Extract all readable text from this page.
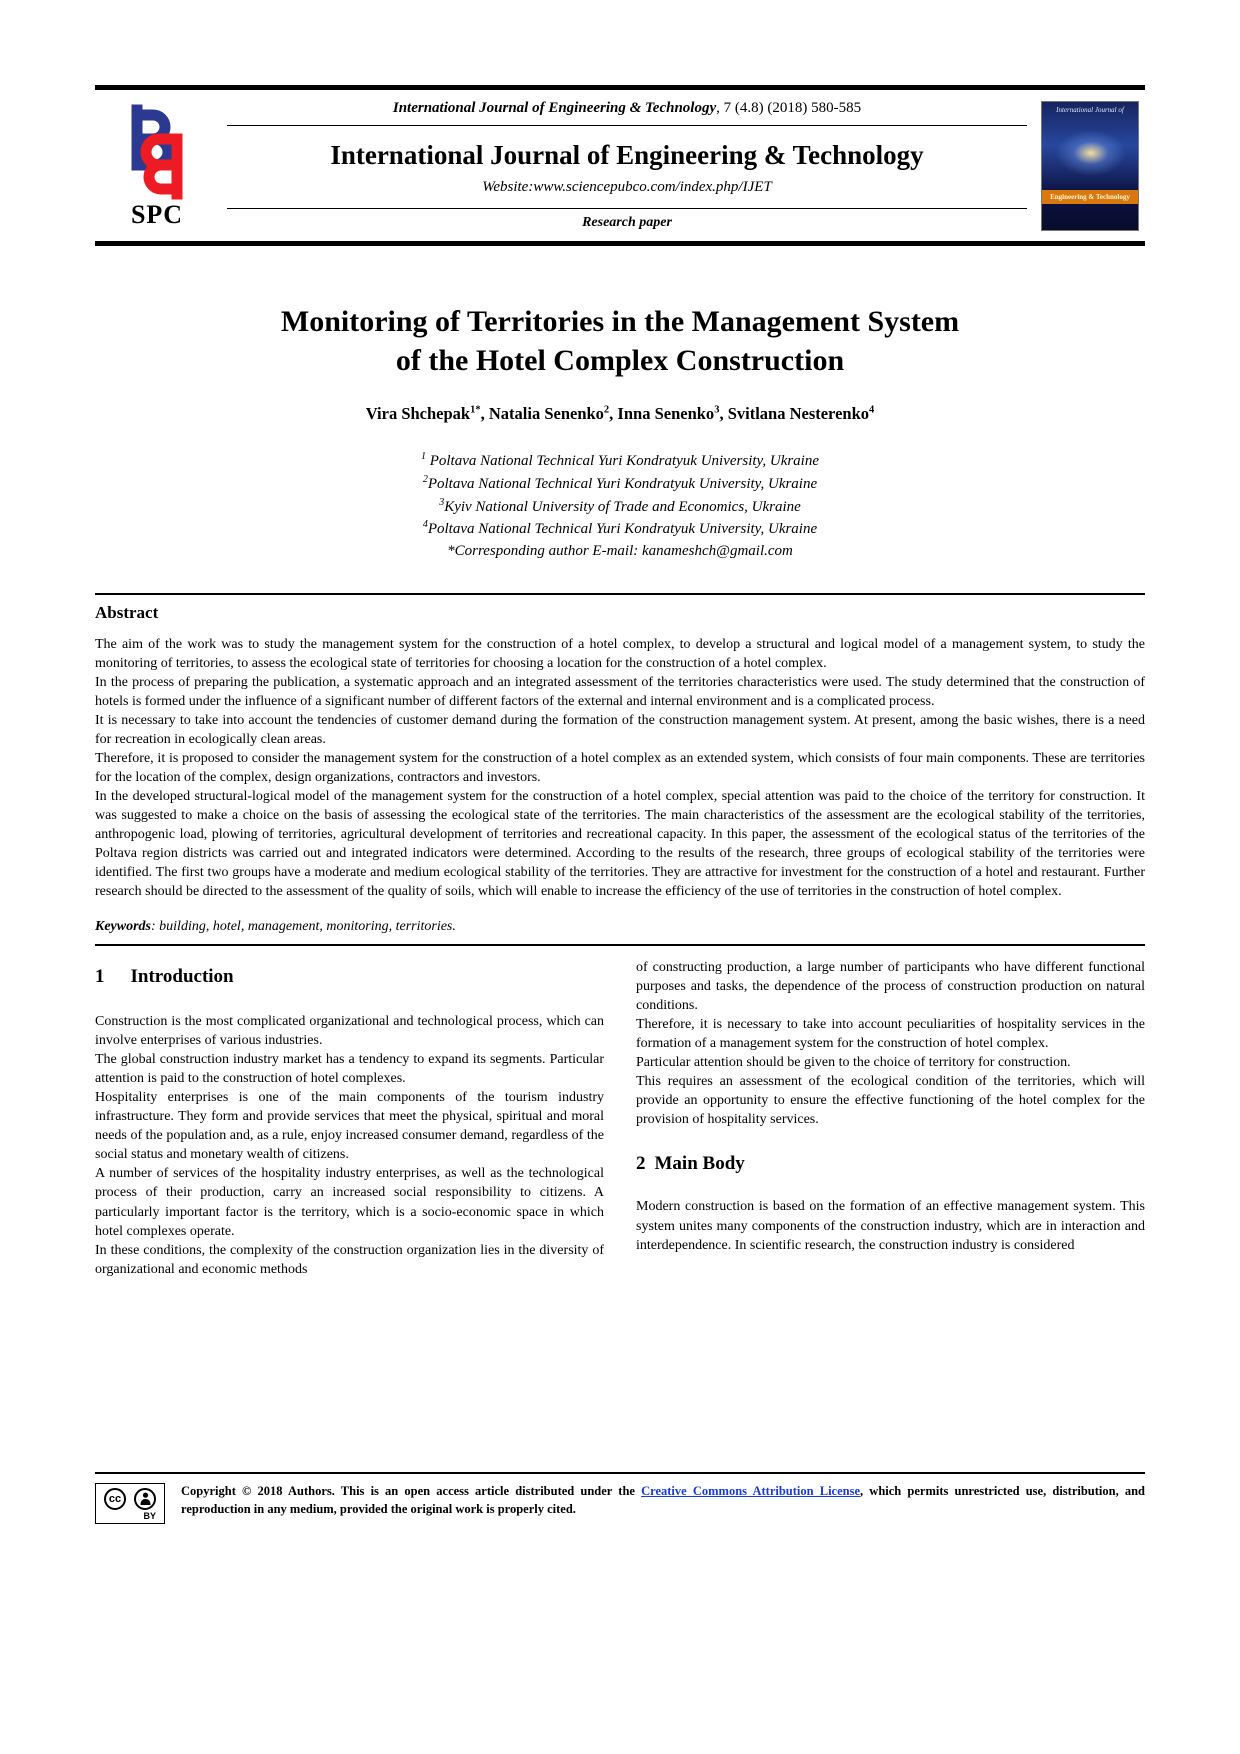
SPC
International Journal of Engineering & Technology, 7 (4.8) (2018) 580-585
International Journal of Engineering & Technology
Website:www.sciencepubco.com/index.php/IJET
Research paper
International Journal of
Engineering & Technology
Monitoring of Territories in the Management System
of the Hotel Complex Construction
Vira Shchepak$^{1*}$, Natalia Senenko$^2$, Inna Senenko$^3$, Svitlana Nesterenko$^4$
$^1$ Poltava National Technical Yuri Kondratyuk University, Ukraine
$^2$Poltava National Technical Yuri Kondratyuk University, Ukraine
$^3$Kyiv National University of Trade and Economics, Ukraine
$^4$Poltava National Technical Yuri Kondratyuk University, Ukraine
*Corresponding author E-mail: kanameshch@gmail.com
Abstract

The aim of the work was to study the management system for the construction of a hotel complex, to develop a structural and logical model of a management system, to study the monitoring of territories, to assess the ecological state of territories for choosing a location for the construction of a hotel complex.

In the process of preparing the publication, a systematic approach and an integrated assessment of the territories characteristics were used. The study determined that the construction of hotels is formed under the influence of a significant number of different factors of the external and internal environment and is a complicated process.

It is necessary to take into account the tendencies of customer demand during the formation of the construction management system. At present, among the basic wishes, there is a need for recreation in ecologically clean areas.

Therefore, it is proposed to consider the management system for the construction of a hotel complex as an extended system, which consists of four main components. These are territories for the location of the complex, design organizations, contractors and investors.

In the developed structural-logical model of the management system for the construction of a hotel complex, special attention was paid to the choice of the territory for construction. It was suggested to make a choice on the basis of assessing the ecological state of the territories. The main characteristics of the assessment are the ecological stability of the territories, anthropogenic load, plowing of territories, agricultural development of territories and recreational capacity. In this paper, the assessment of the ecological status of the territories of the Poltava region districts was carried out and integrated indicators were determined. According to the results of the research, three groups of ecological stability of the territories were identified. The first two groups have a moderate and medium ecological stability of the territories. They are attractive for investment for the construction of a hotel and restaurant. Further research should be directed to the assessment of the quality of soils, which will enable to increase the efficiency of the use of territories in the construction of hotel complex.

Keywords: building, hotel, management, monitoring, territories.
1 Introduction

Construction is the most complicated organizational and technological process, which can involve enterprises of various industries.

The global construction industry market has a tendency to expand its segments. Particular attention is paid to the construction of hotel complexes.

Hospitality enterprises is one of the main components of the tourism industry infrastructure. They form and provide services that meet the physical, spiritual and moral needs of the population and, as a rule, enjoy increased consumer demand, regardless of the social status and monetary wealth of citizens.

A number of services of the hospitality industry enterprises, as well as the technological process of their production, carry an increased social responsibility to citizens. A particularly important factor is the territory, which is a socio-economic space in which hotel complexes operate.

In these conditions, the complexity of the construction organization lies in the diversity of organizational and economic methods

of constructing production, a large number of participants who have different functional purposes and tasks, the dependence of the process of construction production on natural conditions.

Therefore, it is necessary to take into account peculiarities of hospitality services in the formation of a management system for the construction of hotel complex.

Particular attention should be given to the choice of territory for construction.

This requires an assessment of the ecological condition of the territories, which will provide an opportunity to ensure the effective functioning of the hotel complex for the provision of hospitality services.

2 Main Body

Modern construction is based on the formation of an effective management system. This system unites many components of the construction industry, which are in interaction and interdependence. In scientific research, the construction industry is considered

cc
BY

Copyright © 2018 Authors. This is an open access article distributed under the Creative Commons Attribution License, which permits unrestricted use, distribution, and reproduction in any medium, provided the original work is properly cited.
